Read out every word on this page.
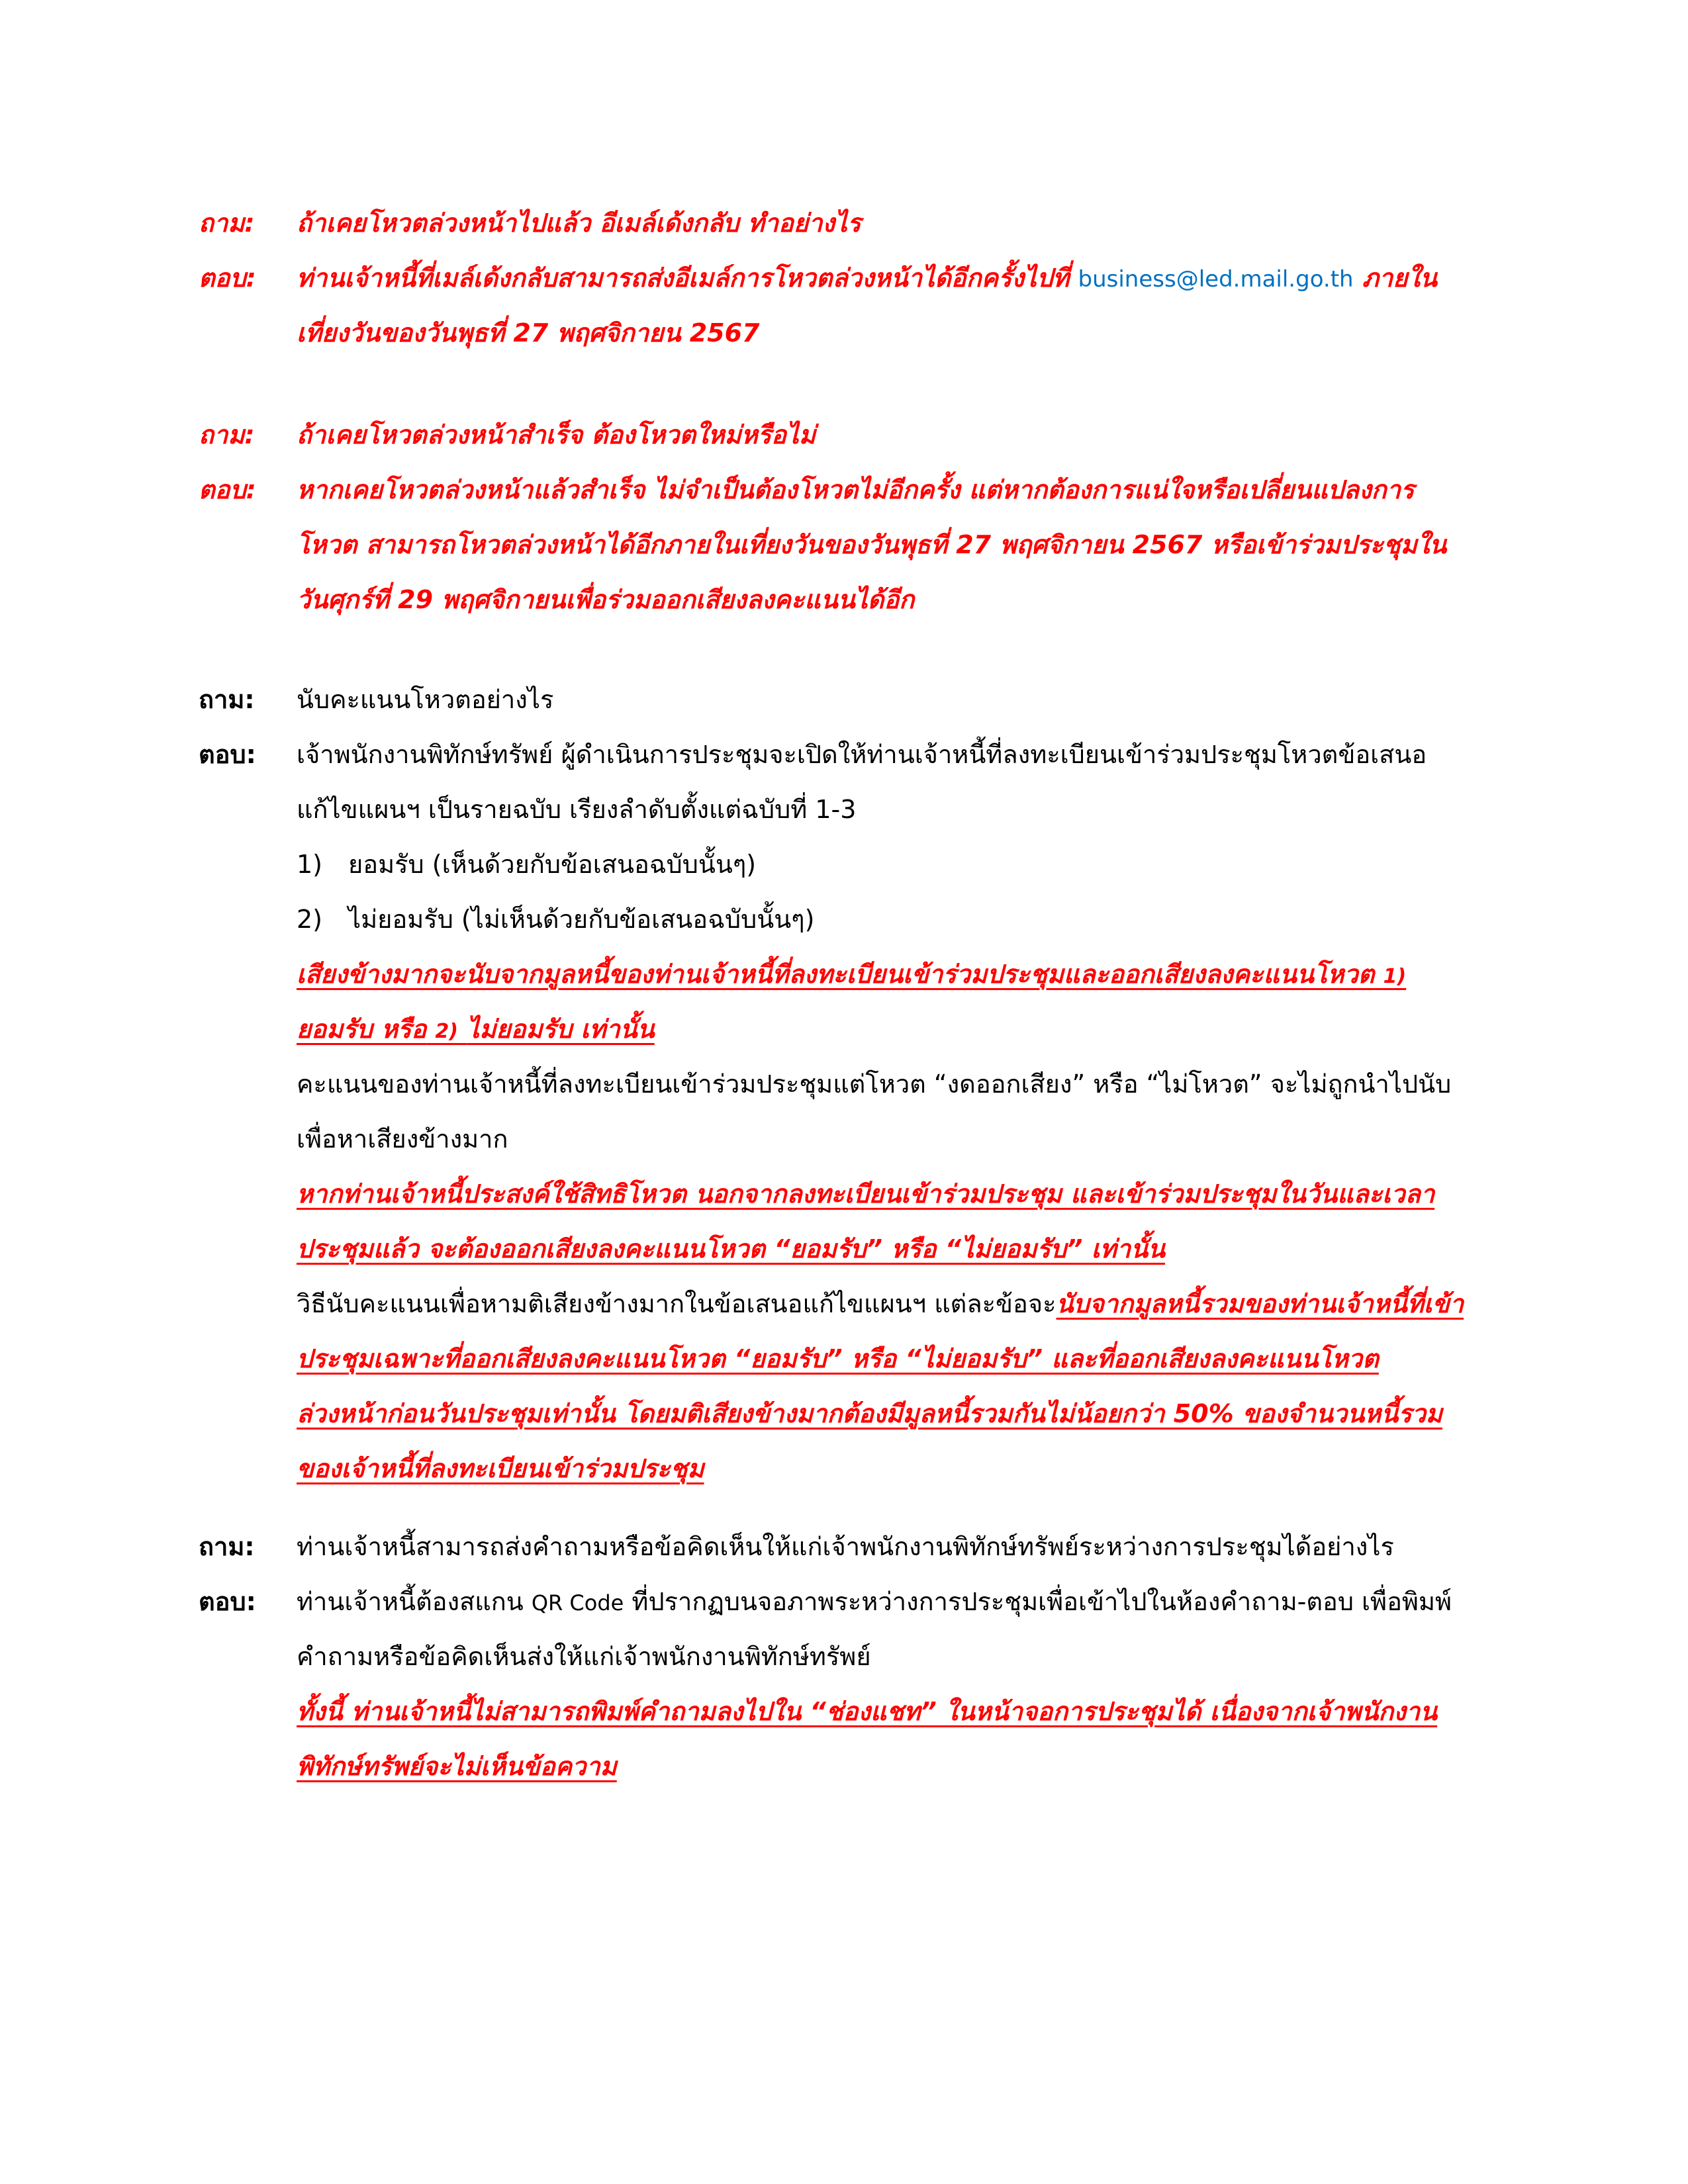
ถาม: ถ้าเคยโหวตล่วงหน้าไปแล้ว อีเมล์เด้งกลับ ทำอย่างไร
ตอบ: ท่านเจ้าหนี้ที่เมล์เด้งกลับสามารถส่งอีเมล์การโหวตล่วงหน้าได้อีกครั้งไปที่ business@led.mail.go.th ภายใน
เที่ยงวันของวันพุธที่ 27 พฤศจิกายน 2567
ถาม: ถ้าเคยโหวตล่วงหน้าสำเร็จ ต้องโหวตใหม่หรือไม่
ตอบ: หากเคยโหวตล่วงหน้าแล้วสำเร็จ ไม่จำเป็นต้องโหวตไม่อีกครั้ง แต่หากต้องการแน่ใจหรือเปลี่ยนแปลงการ
โหวต สามารถโหวตล่วงหน้าได้อีกภายในเที่ยงวันของวันพุธที่ 27 พฤศจิกายน 2567 หรือเข้าร่วมประชุมใน
วันศุกร์ที่ 29 พฤศจิกายนเพื่อร่วมออกเสียงลงคะแนนได้อีก
ถาม: นับคะแนนโหวตอย่างไร
ตอบ: เจ้าพนักงานพิทักษ์ทรัพย์ ผู้ดำเนินการประชุมจะเปิดให้ท่านเจ้าหนี้ที่ลงทะเบียนเข้าร่วมประชุมโหวตข้อเสนอ
แก้ไขแผนฯ เป็นรายฉบับ เรียงลำดับตั้งแต่ฉบับที่ 1-3
1) ยอมรับ (เห็นด้วยกับข้อเสนอฉบับนั้นๆ)
2) ไม่ยอมรับ (ไม่เห็นด้วยกับข้อเสนอฉบับนั้นๆ)
เสียงข้างมากจะนับจากมูลหนี้ของท่านเจ้าหนี้ที่ลงทะเบียนเข้าร่วมประชุมและออกเสียงลงคะแนนโหวต 1)
ยอมรับ หรือ 2) ไม่ยอมรับ เท่านั้น
คะแนนของท่านเจ้าหนี้ที่ลงทะเบียนเข้าร่วมประชุมแต่โหวต “งดออกเสียง” หรือ “ไม่โหวต” จะไม่ถูกนำไปนับ
เพื่อหาเสียงข้างมาก
หากท่านเจ้าหนี้ประสงค์ใช้สิทธิโหวต นอกจากลงทะเบียนเข้าร่วมประชุม และเข้าร่วมประชุมในวันและเวลา
ประชุมแล้ว จะต้องออกเสียงลงคะแนนโหวต “ยอมรับ” หรือ “ไม่ยอมรับ” เท่านั้น
วิธีนับคะแนนเพื่อหามติเสียงข้างมากในข้อเสนอแก้ไขแผนฯ แต่ละข้อจะนับจากมูลหนี้รวมของท่านเจ้าหนี้ที่เข้า
ประชุมเฉพาะที่ออกเสียงลงคะแนนโหวต “ยอมรับ” หรือ “ไม่ยอมรับ” และที่ออกเสียงลงคะแนนโหวต
ล่วงหน้าก่อนวันประชุมเท่านั้น โดยมติเสียงข้างมากต้องมีมูลหนี้รวมกันไม่น้อยกว่า 50% ของจำนวนหนี้รวม
ของเจ้าหนี้ที่ลงทะเบียนเข้าร่วมประชุม
ถาม: ท่านเจ้าหนี้สามารถส่งคำถามหรือข้อคิดเห็นให้แก่เจ้าพนักงานพิทักษ์ทรัพย์ระหว่างการประชุมได้อย่างไร
ตอบ: ท่านเจ้าหนี้ต้องสแกน QR Code ที่ปรากฏบนจอภาพระหว่างการประชุมเพื่อเข้าไปในห้องคำถาม-ตอบ เพื่อพิมพ์
คำถามหรือข้อคิดเห็นส่งให้แก่เจ้าพนักงานพิทักษ์ทรัพย์
ทั้งนี้ ท่านเจ้าหนี้ไม่สามารถพิมพ์คำถามลงไปใน “ช่องแชท” ในหน้าจอการประชุมได้ เนื่องจากเจ้าพนักงาน
พิทักษ์ทรัพย์จะไม่เห็นข้อความ
